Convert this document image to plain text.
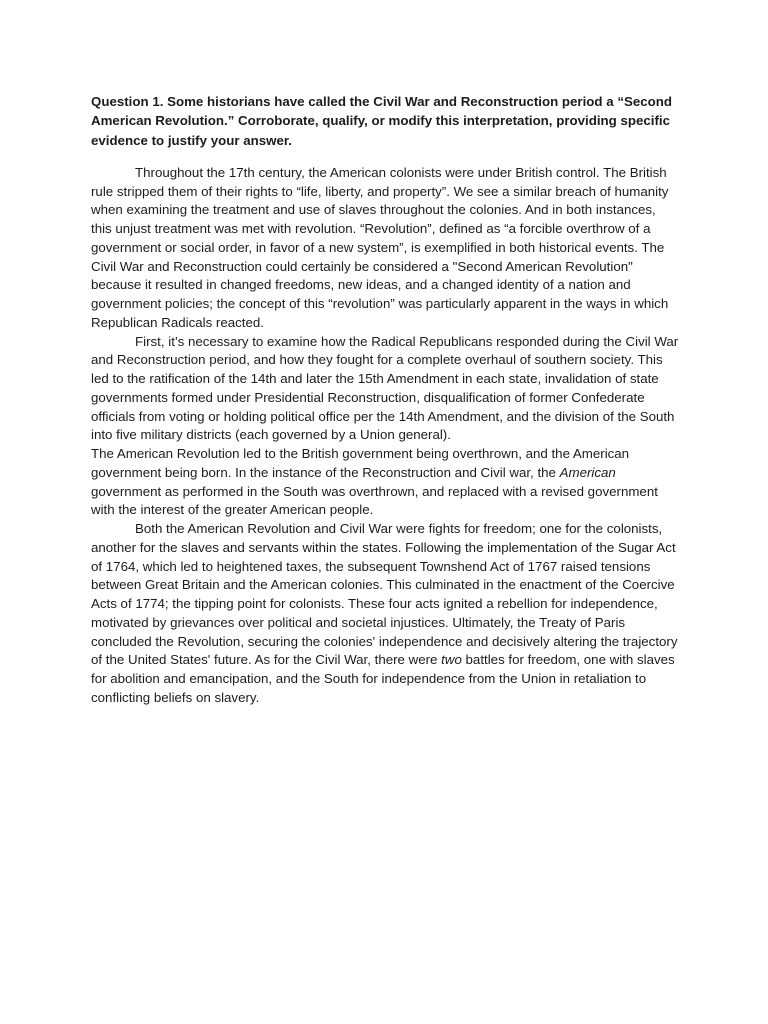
Question 1. Some historians have called the Civil War and Reconstruction period a “Second American Revolution.” Corroborate, qualify, or modify this interpretation, providing specific evidence to justify your answer.

Throughout the 17th century, the American colonists were under British control. The British rule stripped them of their rights to “life, liberty, and property”. We see a similar breach of humanity when examining the treatment and use of slaves throughout the colonies. And in both instances, this unjust treatment was met with revolution. “Revolution”, defined as “a forcible overthrow of a government or social order, in favor of a new system”, is exemplified in both historical events. The Civil War and Reconstruction could certainly be considered a "Second American Revolution" because it resulted in changed freedoms, new ideas, and a changed identity of a nation and government policies; the concept of this “revolution” was particularly apparent in the ways in which Republican Radicals reacted.

First, it’s necessary to examine how the Radical Republicans responded during the Civil War and Reconstruction period, and how they fought for a complete overhaul of southern society. This led to the ratification of the 14th and later the 15th Amendment in each state, invalidation of state governments formed under Presidential Reconstruction, disqualification of former Confederate officials from voting or holding political office per the 14th Amendment, and the division of the South into five military districts (each governed by a Union general).

The American Revolution led to the British government being overthrown, and the American government being born. In the instance of the Reconstruction and Civil war, the American government as performed in the South was overthrown, and replaced with a revised government with the interest of the greater American people.

Both the American Revolution and Civil War were fights for freedom; one for the colonists, another for the slaves and servants within the states. Following the implementation of the Sugar Act of 1764, which led to heightened taxes, the subsequent Townshend Act of 1767 raised tensions between Great Britain and the American colonies. This culminated in the enactment of the Coercive Acts of 1774; the tipping point for colonists. These four acts ignited a rebellion for independence, motivated by grievances over political and societal injustices. Ultimately, the Treaty of Paris concluded the Revolution, securing the colonies' independence and decisively altering the trajectory of the United States' future. As for the Civil War, there were two battles for freedom, one with slaves for abolition and emancipation, and the South for independence from the Union in retaliation to conflicting beliefs on slavery.
